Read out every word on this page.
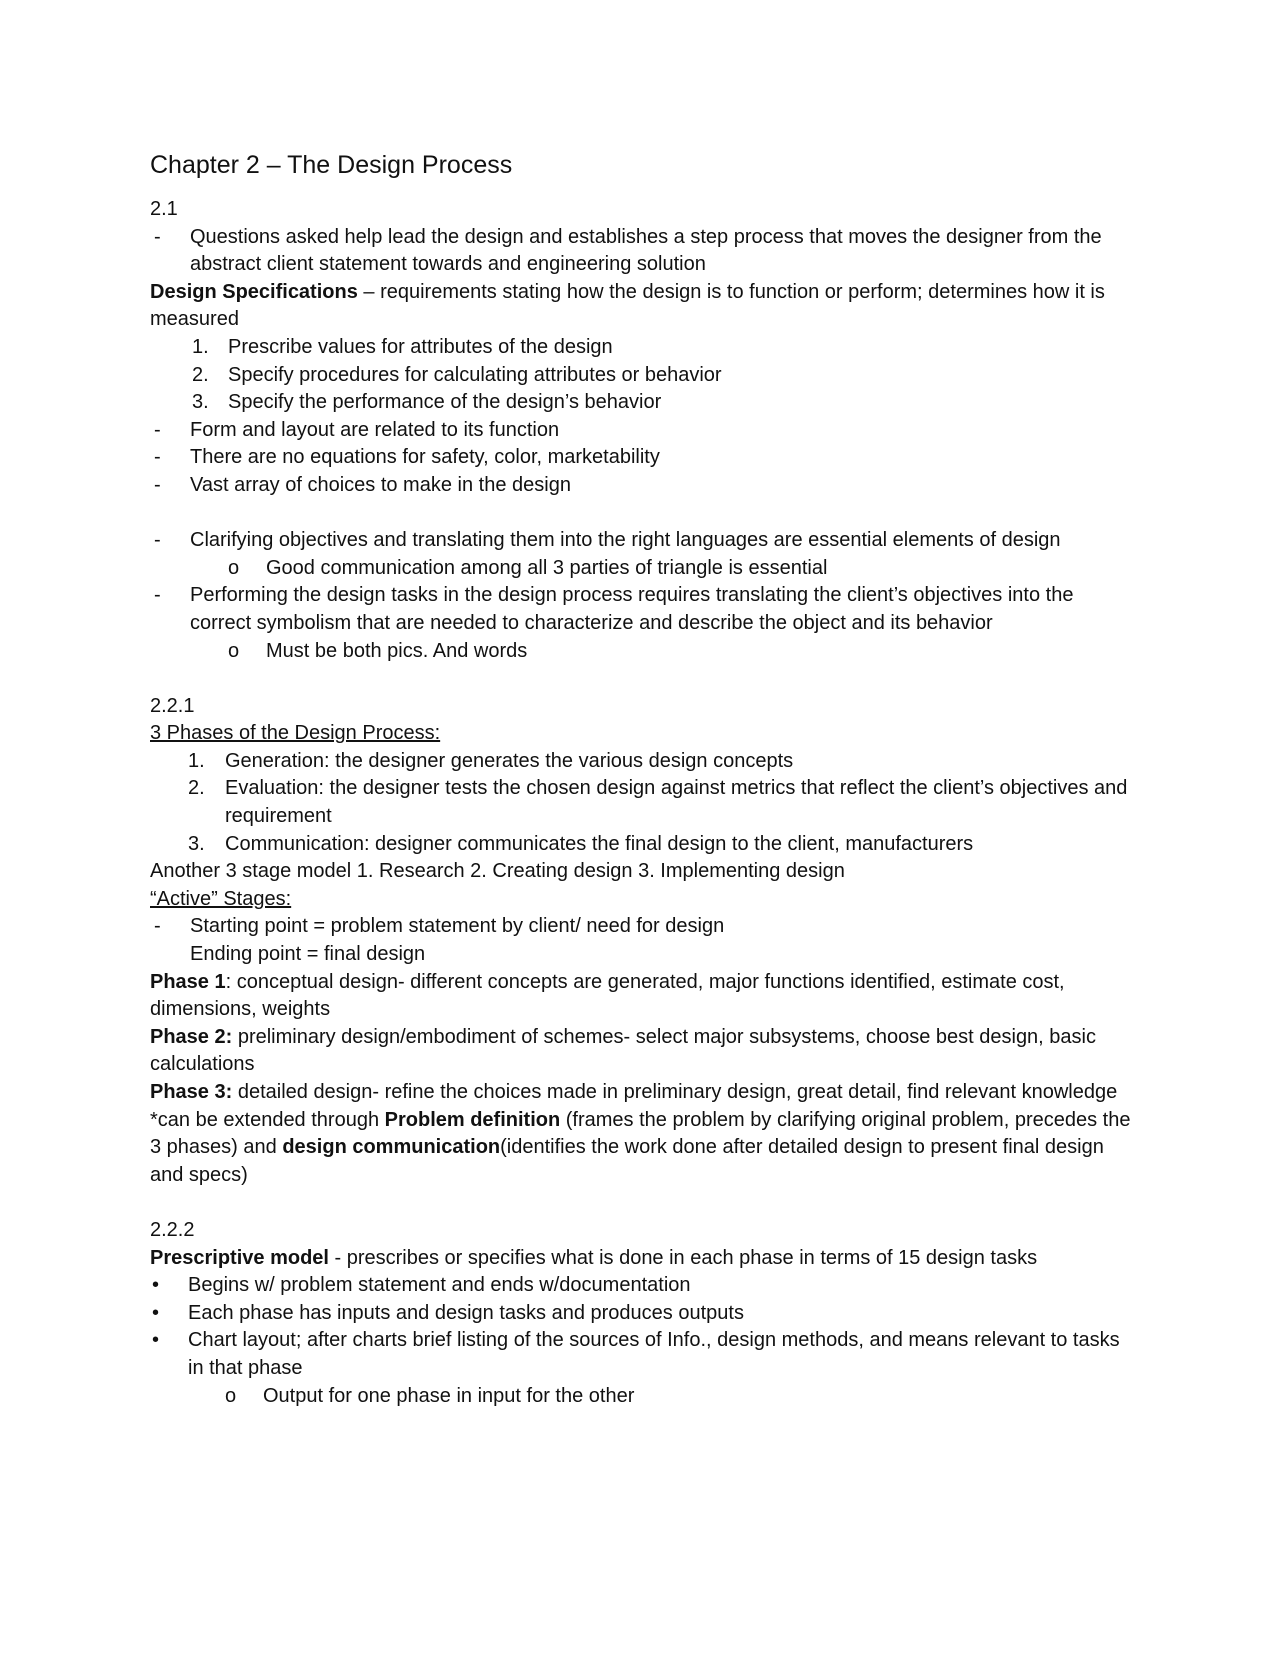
Chapter 2 – The Design Process

2.1

- Questions asked help lead the design and establishes a step process that moves the designer from the abstract client statement towards and engineering solution

Design Specifications – requirements stating how the design is to function or perform; determines how it is measured

1. Prescribe values for attributes of the design
2. Specify procedures for calculating attributes or behavior
3. Specify the performance of the design’s behavior
- Form and layout are related to its function
- There are no equations for safety, color, marketability
- Vast array of choices to make in the design
- Clarifying objectives and translating them into the right languages are essential elements of design
o Good communication among all 3 parties of triangle is essential
- Performing the design tasks in the design process requires translating the client’s objectives into the correct symbolism that are needed to characterize and describe the object and its behavior
o Must be both pics. And words

2.2.1

3 Phases of the Design Process:

1. Generation: the designer generates the various design concepts
2. Evaluation: the designer tests the chosen design against metrics that reflect the client’s objectives and requirement
3. Communication: designer communicates the final design to the client, manufacturers

Another 3 stage model 1. Research 2. Creating design 3. Implementing design

“Active” Stages:

- Starting point = problem statement by client/ need for design

Ending point = final design

Phase 1: conceptual design- different concepts are generated, major functions identified, estimate cost, dimensions, weights

Phase 2: preliminary design/embodiment of schemes- select major subsystems, choose best design, basic calculations

Phase 3: detailed design- refine the choices made in preliminary design, great detail, find relevant knowledge

*can be extended through Problem definition (frames the problem by clarifying original problem, precedes the 3 phases) and design communication(identifies the work done after detailed design to present final design and specs)

2.2.2

Prescriptive model - prescribes or specifies what is done in each phase in terms of 15 design tasks

• Begins w/ problem statement and ends w/documentation
• Each phase has inputs and design tasks and produces outputs
• Chart layout; after charts brief listing of the sources of Info., design methods, and means relevant to tasks in that phase
o Output for one phase in input for the other
